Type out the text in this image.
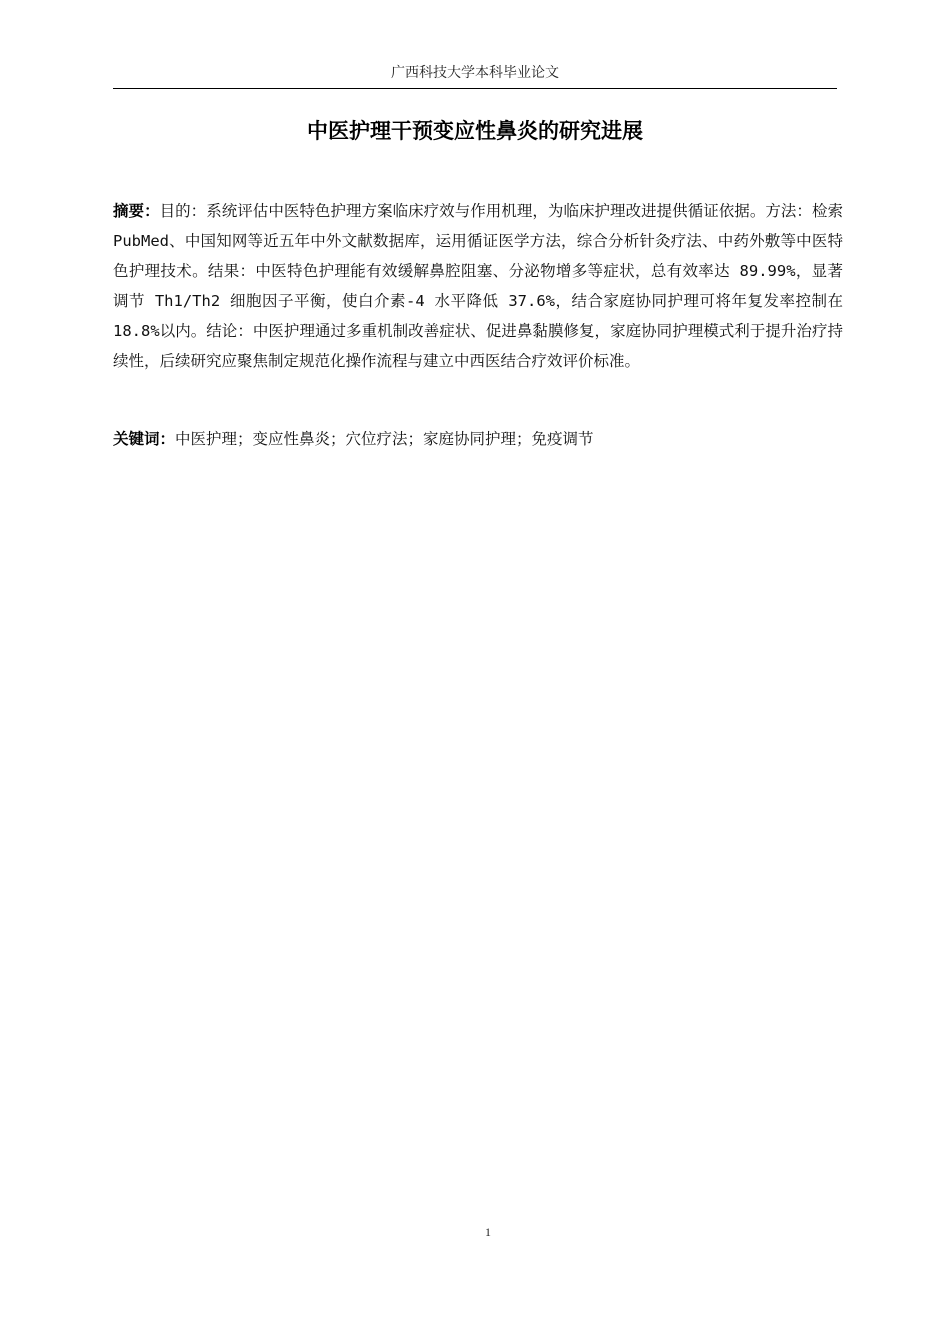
广西科技大学本科毕业论文
中医护理干预变应性鼻炎的研究进展
摘要：目的：系统评估中医特色护理方案临床疗效与作用机理，为临床护理改进提供循证依据。方法：检索 PubMed、中国知网等近五年中外文献数据库，运用循证医学方法，综合分析针灸疗法、中药外敷等中医特色护理技术。结果：中医特色护理能有效缓解鼻腔阻塞、分泌物增多等症状，总有效率达 89.99%，显著调节 Th1/Th2 细胞因子平衡，使白介素-4 水平降低 37.6%，结合家庭协同护理可将年复发率控制在 18.8%以内。结论：中医护理通过多重机制改善症状、促进鼻黏膜修复，家庭协同护理模式利于提升治疗持续性，后续研究应聚焦制定规范化操作流程与建立中西医结合疗效评价标准。
关键词：中医护理；变应性鼻炎；穴位疗法；家庭协同护理；免疫调节
1
